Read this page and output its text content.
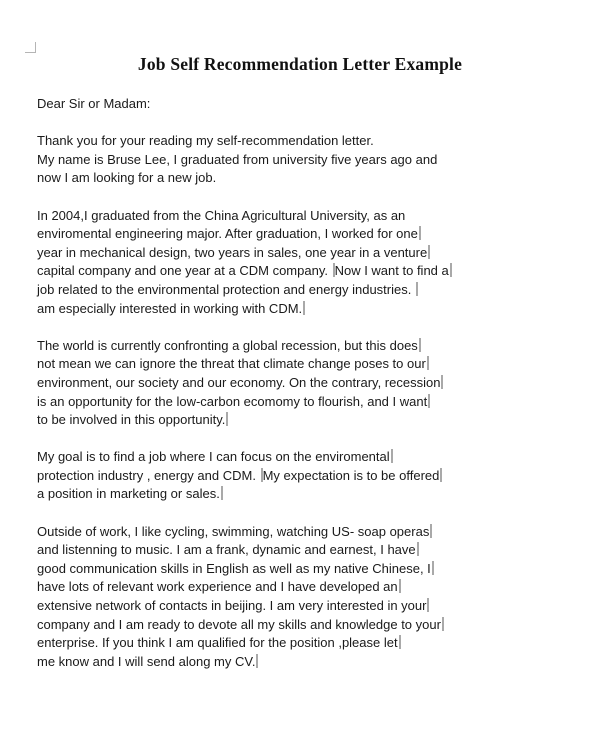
Job Self Recommendation Letter Example
Dear Sir or Madam:
Thank you for your reading my self-recommendation letter.
My name is Bruse Lee, I graduated from university five years ago and
now I am looking for a new job.
In 2004,I graduated from the China Agricultural University, as an
enviromental engineering major. After graduation, I worked for one
year in mechanical design, two years in sales, one year in a venture
capital company and one year at a CDM company. Now I want to find a
job related to the environmental protection and energy industries.
am especially interested in working with CDM.
The world is currently confronting a global recession, but this does
not mean we can ignore the threat that climate change poses to our
environment, our society and our economy. On the contrary, recession
is an opportunity for the low-carbon ecomomy to flourish, and I want
to be involved in this opportunity.
My goal is to find a job where I can focus on the enviromental
protection industry , energy and CDM. My expectation is to be offered
a position in marketing or sales.
Outside of work, I like cycling, swimming, watching US- soap operas
and listenning to music. I am a frank, dynamic and earnest, I have
good communication skills in English as well as my native Chinese, I
have lots of relevant work experience and I have developed an
extensive network of contacts in beijing. I am very interested in your
company and I am ready to devote all my skills and knowledge to your
enterprise. If you think I am qualified for the position ,please let
me know and I will send along my CV.
